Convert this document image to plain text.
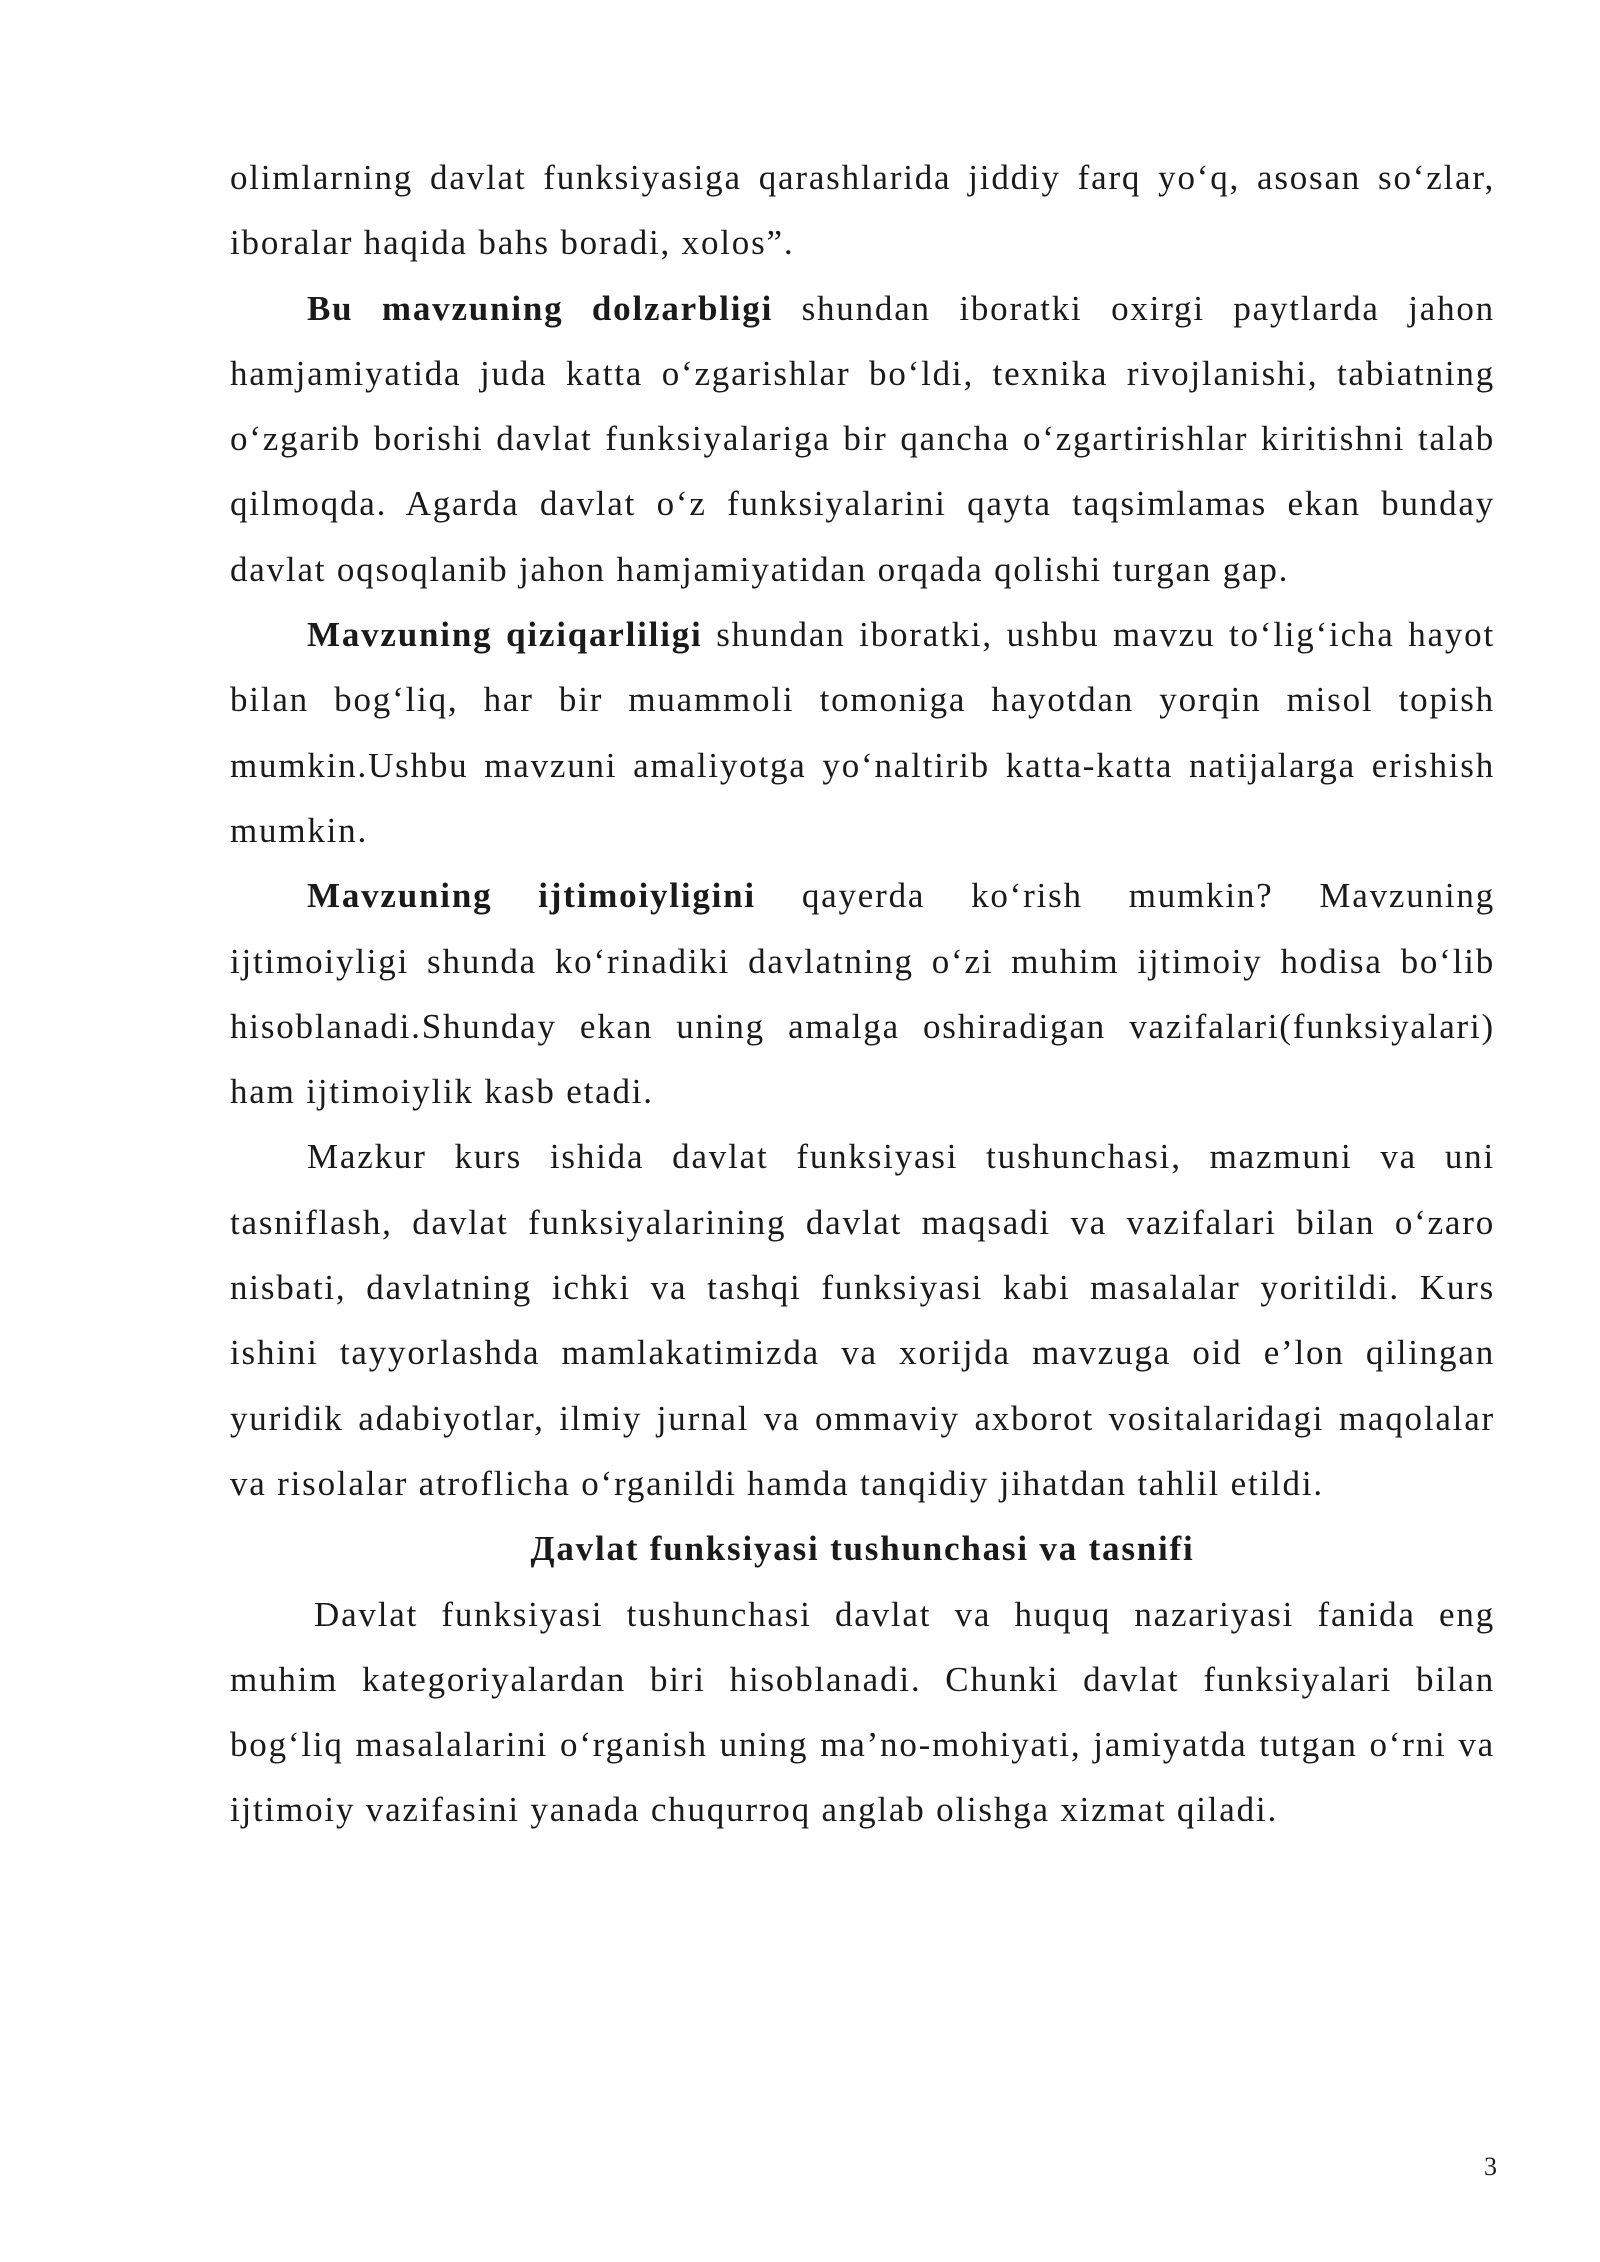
olimlarning davlat funksiyasiga qarashlarida jiddiy farq yo‘q, asosan so‘zlar, iboralar haqida bahs boradi, xolos”.

Bu mavzuning dolzarbligi shundan iboratki oxirgi paytlarda jahon hamjamiyatida juda katta o‘zgarishlar bo‘ldi, texnika rivojlanishi, tabiatning o‘zgarib borishi davlat funksiyalariga bir qancha o‘zgartirishlar kiritishni talab qilmoqda. Agarda davlat o‘z funksiyalarini qayta taqsimlamas ekan bunday davlat oqsoqlanib jahon hamjamiyatidan orqada qolishi turgan gap.

Mavzuning qiziqarliligi shundan iboratki, ushbu mavzu to‘lig‘icha hayot bilan bog‘liq, har bir muammoli tomoniga hayotdan yorqin misol topish mumkin.Ushbu mavzuni amaliyotga yo‘naltirib katta-katta natijalarga erishish mumkin.

Mavzuning ijtimoiyligini qayerda ko‘rish mumkin? Mavzuning ijtimoiyligi shunda ko‘rinadiki davlatning o‘zi muhim ijtimoiy hodisa bo‘lib hisoblanadi.Shunday ekan uning amalga oshiradigan vazifalari(funksiyalari) ham ijtimoiylik kasb etadi.

Mazkur kurs ishida davlat funksiyasi tushunchasi, mazmuni va uni tasniflash, davlat funksiyalarining davlat maqsadi va vazifalari bilan o‘zaro nisbati, davlatning ichki va tashqi funksiyasi kabi masalalar yoritildi. Kurs ishini tayyorlashda mamlakatimizda va xorijda mavzuga oid e’lon qilingan yuridik adabiyotlar, ilmiy jurnal va ommaviy axborot vositalaridagi maqolalar va risolalar atroflicha o‘rganildi hamda tanqidiy jihatdan tahlil etildi.

Дavlat funksiyasi tushunchasi va tasnifi

Davlat funksiyasi tushunchasi davlat va huquq nazariyasi fanida eng muhim kategoriyalardan biri hisoblanadi. Chunki davlat funksiyalari bilan bog‘liq masalalarini o‘rganish uning ma’no-mohiyati, jamiyatda tutgan o‘rni va ijtimoiy vazifasini yanada chuqurroq anglab olishga xizmat qiladi.

3
